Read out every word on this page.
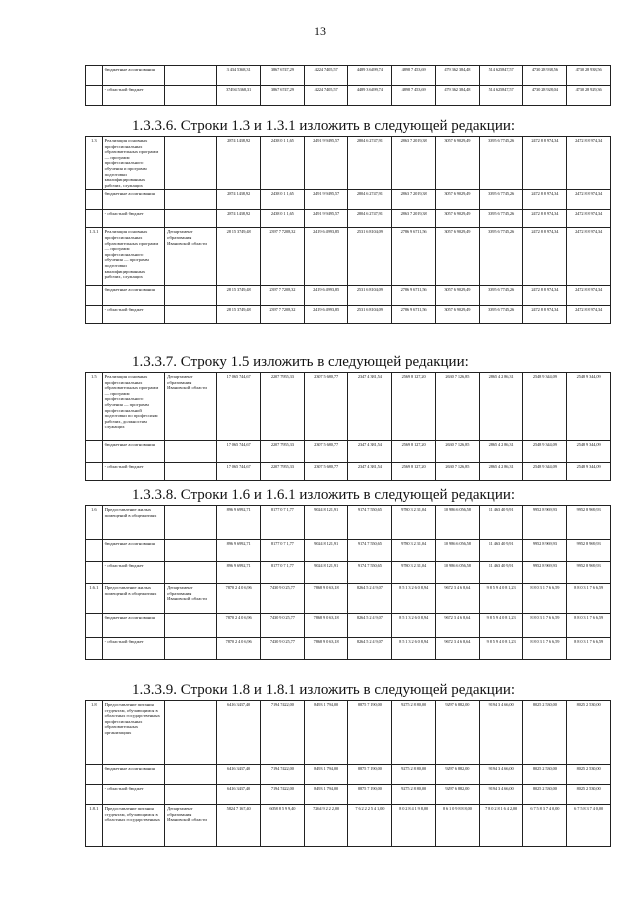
13
	бюджетные ассигнования		3 434 5368,31	3867 6747,29	4224 7405,57	4489 3 6499,74	4898 7 453,69	479 362 384,48	514 625847,57	4730 28 938,56	4730 28 938,56
	- областной бюджет		37494 5368,31	3867 6747,29	4224 7405,57	4489 3 6499,74	4898 7 453,69	479 362 384,48	514 625847,57	4730 28 928,04	4730 28 929,36
1.3.3.6. Строки 1.3 и 1.3.1 изложить в следующей редакции:
1.3	Реализация основных профессиональных образовательных программ — программ профессионального обучения и программ подготовки квалифицированных рабочих, служащих		2874 1438,92	2438 0 1 1,65	2491 9 9495,57	2804 6 2747,91	2863 7 2019,38	3057 6 9029,49	3395 6 7745,26	2472 8 8 974,34	2472 8 8 974,34
	бюджетные ассигнования		2874 1438,92	2438 0 1 1,65	2491 9 9495,57	2804 6 2747,91	2863 7 2019,38	3057 6 9029,49	3395 6 7745,26	2472 8 8 974,34	2472 8 8 974,34
	- областной бюджет		2874 1438,92	2438 0 1 1,65	2491 9 9495,57	2804 6 2747,91	2863 7 2019,38	3057 6 9029,49	3395 6 7745,26	2472 8 8 974,34	2472 8 8 974,34
1.3.1	Реализация основных профессиональных образовательных программ — программ профессионального обучения — программ подготовки квалифицированных рабочих, служащих	Департамент образования Ивановской области	28 15 3749,48	2397 7 7208,32	2419 6 4993,85	2531 6 8104,09	2786 9 6711,56	3057 6 9029,49	3395 6 7745,26	2472 8 8 974,34	2472 8 8 974,34
	бюджетные ассигнования		28 15 3749,48	2397 7 7208,32	2419 6 4993,85	2531 6 8104,09	2786 9 6711,56	3057 6 9029,49	3395 6 7745,26	2472 8 8 974,34	2472 8 8 974,34
	- областной бюджет		28 15 3749,48	2397 7 7208,32	2419 6 4993,85	2531 6 8104,09	2786 9 6711,56	3057 6 9029,49	3395 6 7745,26	2472 8 8 974,34	2472 8 8 974,34
1.3.3.7. Строку 1.5 изложить в следующей редакции:
1.5	Реализация основных профессиональных образовательных программ — программ профессионального обучения — программ профессиональной подготовки по профессиям рабочих, должностям служащих	Департамент образования Ивановской области	17 065 744,67	2207 7955,33	2307 5 680,77	2347 4 381,54	2569 8 127,20	2630 7 126,85	2865 4 2 86,31	2548 9 344,09	2548 9 344,09
	бюджетные ассигнования		17 065 744,67	2207 7955,33	2307 5 680,77	2347 4 381,54	2569 8 127,20	2630 7 126,85	2865 4 2 86,31	2548 9 344,09	2548 9 344,09
	- областной бюджет		17 065 744,67	2207 7955,33	2307 5 680,77	2347 4 381,54	2569 8 127,20	2630 7 126,85	2865 4 2 86,31	2548 9 344,09	2548 9 344,09
1.3.3.8. Строки 1.6 и 1.6.1 изложить в следующей редакции:
1.6	Предоставление жилых помещений в общежитиях		896 9 6992,71	8177 0 7 1,77	9024 8 121,91	9174 7 550,65	9780 3 2 31,04	10 986 6 056,58	11 463 40 9,91	9952 8 969,93	9952 8 969,93
	бюджетные ассигнования		896 9 6992,71	8177 0 7 1,77	9024 8 121,91	9174 7 550,65	9780 3 2 31,04	10 986 6 056,58	11 463 40 9,91	9952 8 969,93	9952 8 969,93
	- областной бюджет		896 9 6992,71	8177 0 7 1,77	9024 8 121,91	9174 7 550,65	9780 3 2 31,04	10 986 6 056,58	11 463 40 9,91	9952 8 969,93	9952 8 969,93
1.6.1	Предоставление жилых помещений в общежитиях	Департамент образования Ивановской области	7870 2 4 0 6,96	7430 9 0 25,77	7868 9 0 63,18	8264 5 2 4 9,07	8 5 1 3 2 6 0 8,94	9672 3 4 6 8,64	9 8 5 9 4 0 8 1,23	8 8 0 3 1 7 6 6,59	8 8 0 3 1 7 6 6,59
	бюджетные ассигнования		7870 2 4 0 6,96	7430 9 0 25,77	7868 9 0 63,18	8264 5 2 4 9,07	8 5 1 3 2 6 0 8,94	9672 3 4 6 8,64	9 8 5 9 4 0 8 1,23	8 8 0 3 1 7 6 6,59	8 8 0 3 1 7 6 6,59
	- областной бюджет		7870 2 4 0 6,96	7430 9 0 25,77	7868 9 0 63,18	8264 5 2 4 9,07	8 5 1 3 2 6 0 8,94	9672 3 4 6 8,64	9 8 5 9 4 0 8 1,23	8 8 0 3 1 7 6 6,59	8 8 0 3 1 7 6 6,59
1.3.3.9. Строки 1.8 и 1.8.1 изложить в следующей редакции:
1.8	Предоставление питания студентам, обучающимся в областных государственных профессиональных образовательных организациях		6416 3437,40	7194 7422,00	8493 1 794,00	8875 7 190,00	9275 2 8 80,00	9297 6 882,00	9194 3 4 66,00	8025 2 530,00	8025 2 530,00
	бюджетные ассигнования		6416 3437,40	7194 7422,00	8493 1 794,00	8875 7 190,00	9275 2 8 80,00	9297 6 882,00	9194 3 4 66,00	8025 2 530,00	8025 2 530,00
	- областной бюджет		6416 3437,40	7194 7422,00	8493 1 794,00	8875 7 190,00	9275 2 8 80,00	9297 6 882,00	9194 3 4 66,00	8025 2 530,00	8025 2 530,00
1.8.1	Предоставление питания студентам, обучающимся в областных государственных	Департамент образования Ивановской области	5824 7 167,40	6058 8 5 9 9,40	7264 9 2 2 2,00	7 6 2 2 2 5 4 1,00	8 0 2 8 4 1 9 8,00	8 6 1 0 9 8 8 8,00	7 8 0 2 8 1 6 4 2,00	6 7 5 8 3 7 4 0,00	6 7 5 8 3 7 4 0,00
